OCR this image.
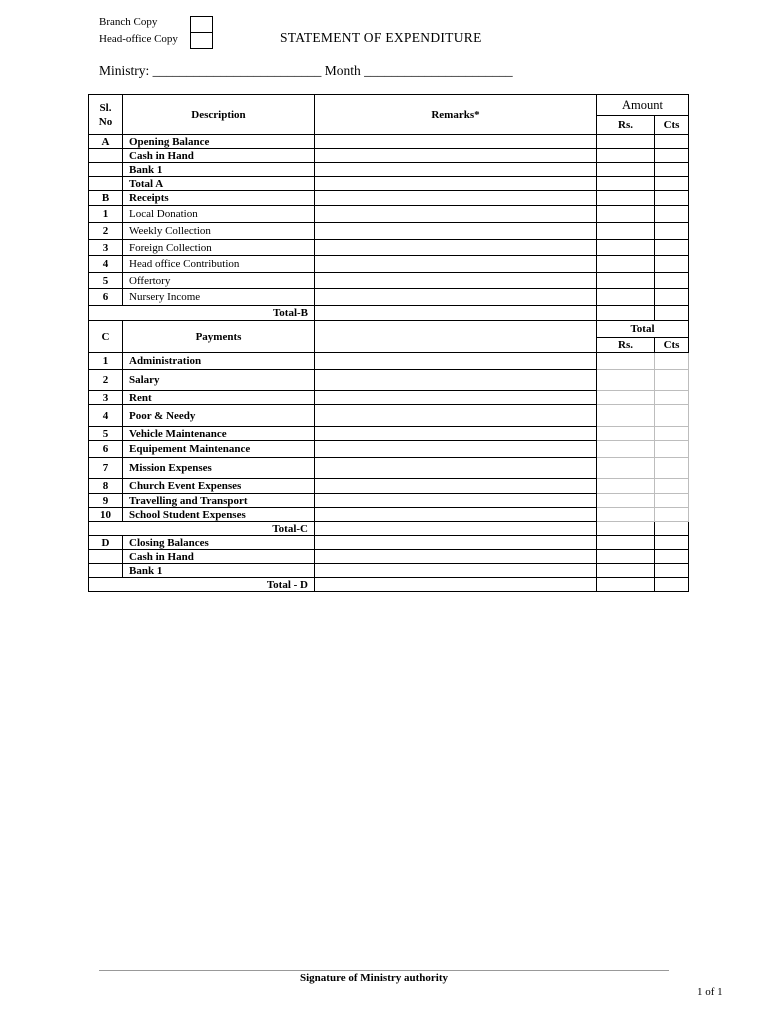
Branch Copy
Head-office Copy	STATEMENT OF EXPENDITURE
Ministry: _________________________ Month ______________________
Sl. No	Description	Remarks*	Amount	
			Rs.	Cts
A	Opening Balance			
	Cash in Hand			
	Bank 1			
	Total A			
B	Receipts			
1	Local Donation			
2	Weekly Collection			
3	Foreign Collection			
4	Head office Contribution			
5	Offertory			
6	Nursery Income			
Total-B				
C	Payments		Total	
			Rs.	Cts
1	Administration			
2	Salary			
3	Rent			
4	Poor & Needy			
5	Vehicle Maintenance			
6	Equipement Maintenance			
7	Mission Expenses			
8	Church Event Expenses			
9	Travelling and Transport			
10	School Student Expenses			
Total-C				
D	Closing Balances			
	Cash in Hand			
	Bank 1			
Total - D				
Signature of Ministry authority
1 of 1
